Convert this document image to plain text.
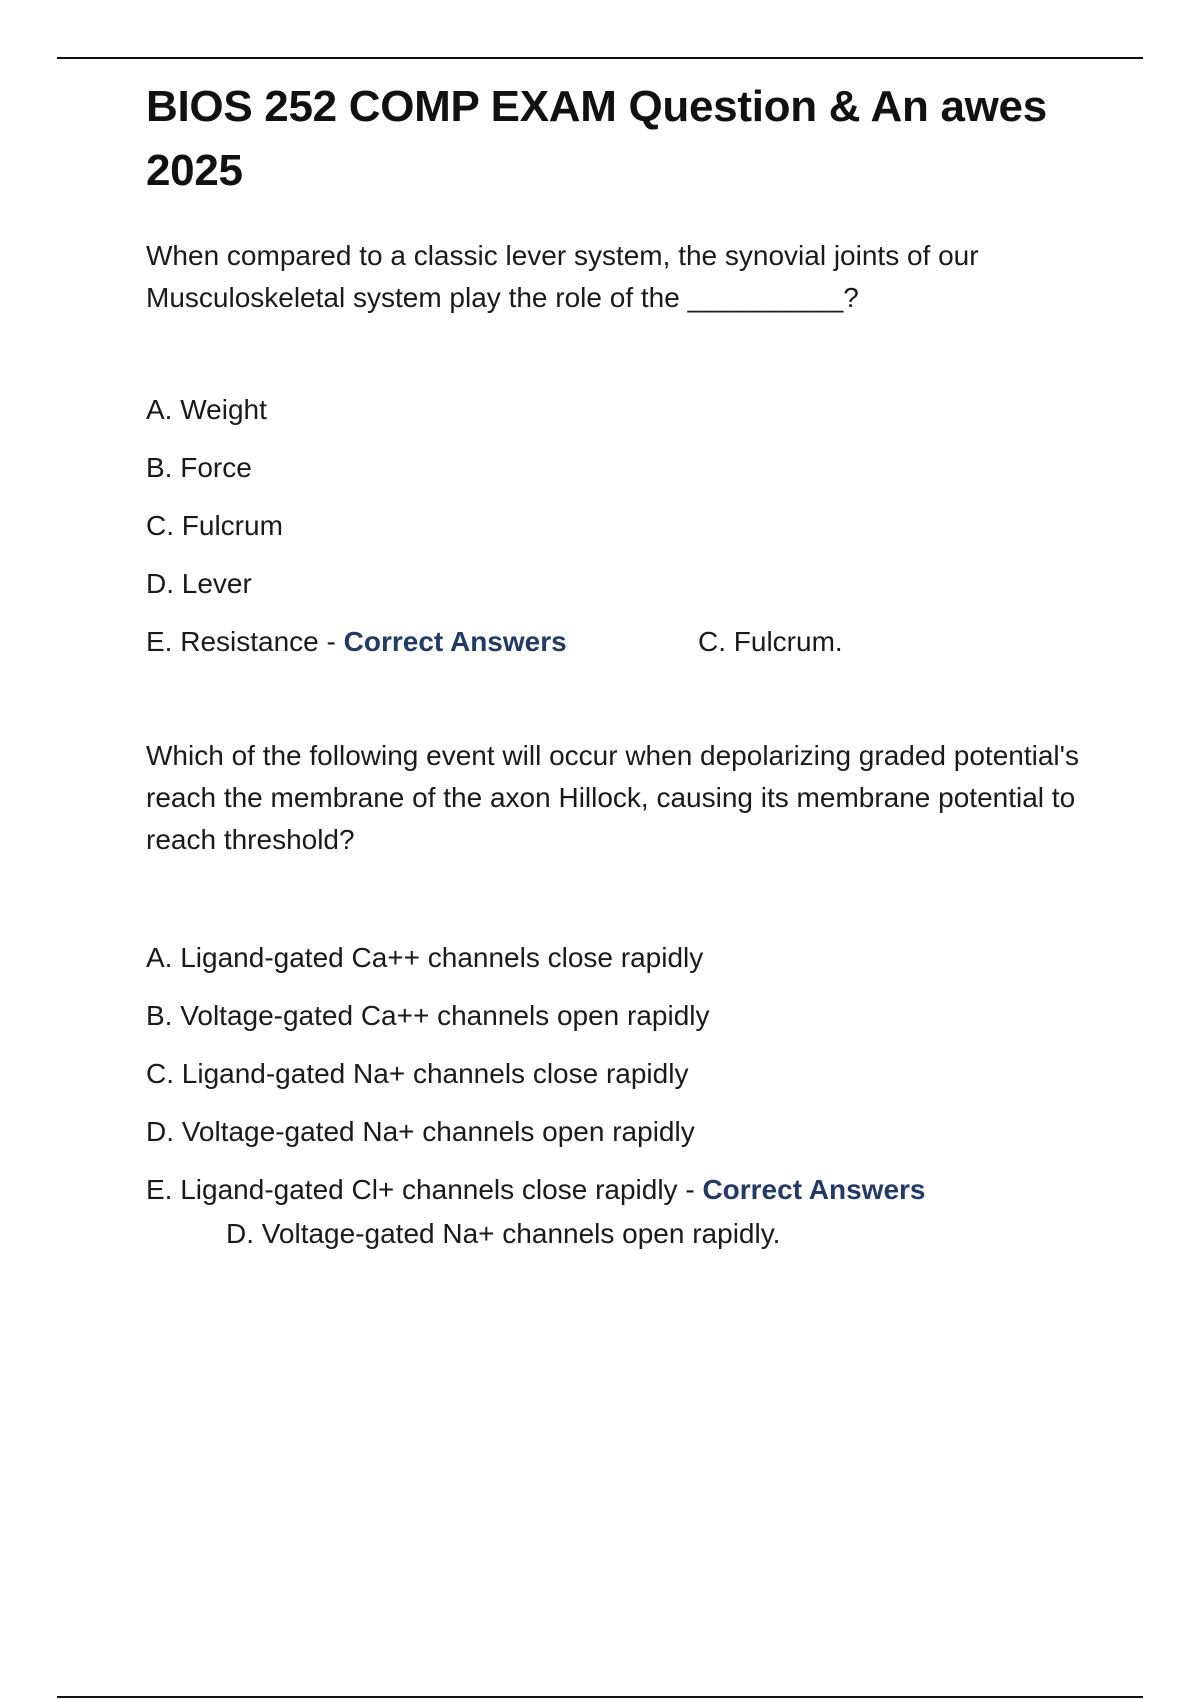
BIOS 252 COMP EXAM Question & An awes
2025

When compared to a classic lever system, the synovial joints of our Musculoskeletal system play the role of the __________?

A. Weight
B. Force
C. Fulcrum
D. Lever
E. Resistance - Correct Answers	C. Fulcrum.

Which of the following event will occur when depolarizing graded potential's reach the membrane of the axon Hillock, causing its membrane potential to reach threshold?

A. Ligand-gated Ca++ channels close rapidly
B. Voltage-gated Ca++ channels open rapidly
C. Ligand-gated Na+ channels close rapidly
D. Voltage-gated Na+ channels open rapidly
E. Ligand-gated Cl+ channels close rapidly - Correct Answers

D. Voltage-gated Na+ channels open rapidly.
